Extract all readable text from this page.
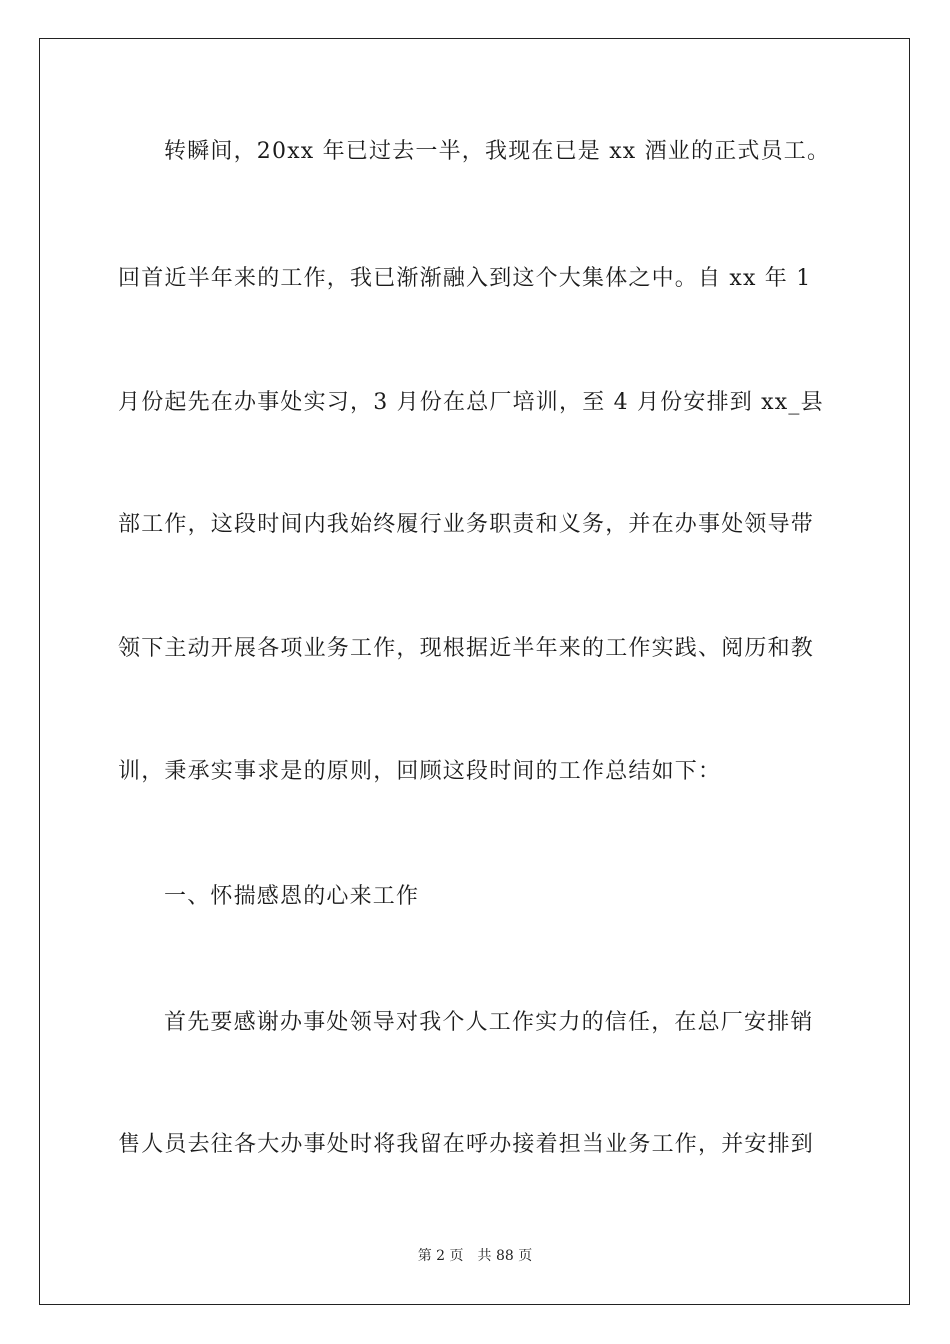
转瞬间，20xx 年已过去一半，我现在已是 xx 酒业的正式员工。
回首近半年来的工作，我已渐渐融入到这个大集体之中。自 xx 年 1
月份起先在办事处实习，3 月份在总厂培训，至 4 月份安排到 xx_县
部工作，这段时间内我始终履行业务职责和义务，并在办事处领导带
领下主动开展各项业务工作，现根据近半年来的工作实践、阅历和教
训，秉承实事求是的原则，回顾这段时间的工作总结如下：
一、怀揣感恩的心来工作
首先要感谢办事处领导对我个人工作实力的信任，在总厂安排销
售人员去往各大办事处时将我留在呼办接着担当业务工作，并安排到
第 2 页 共 88 页
